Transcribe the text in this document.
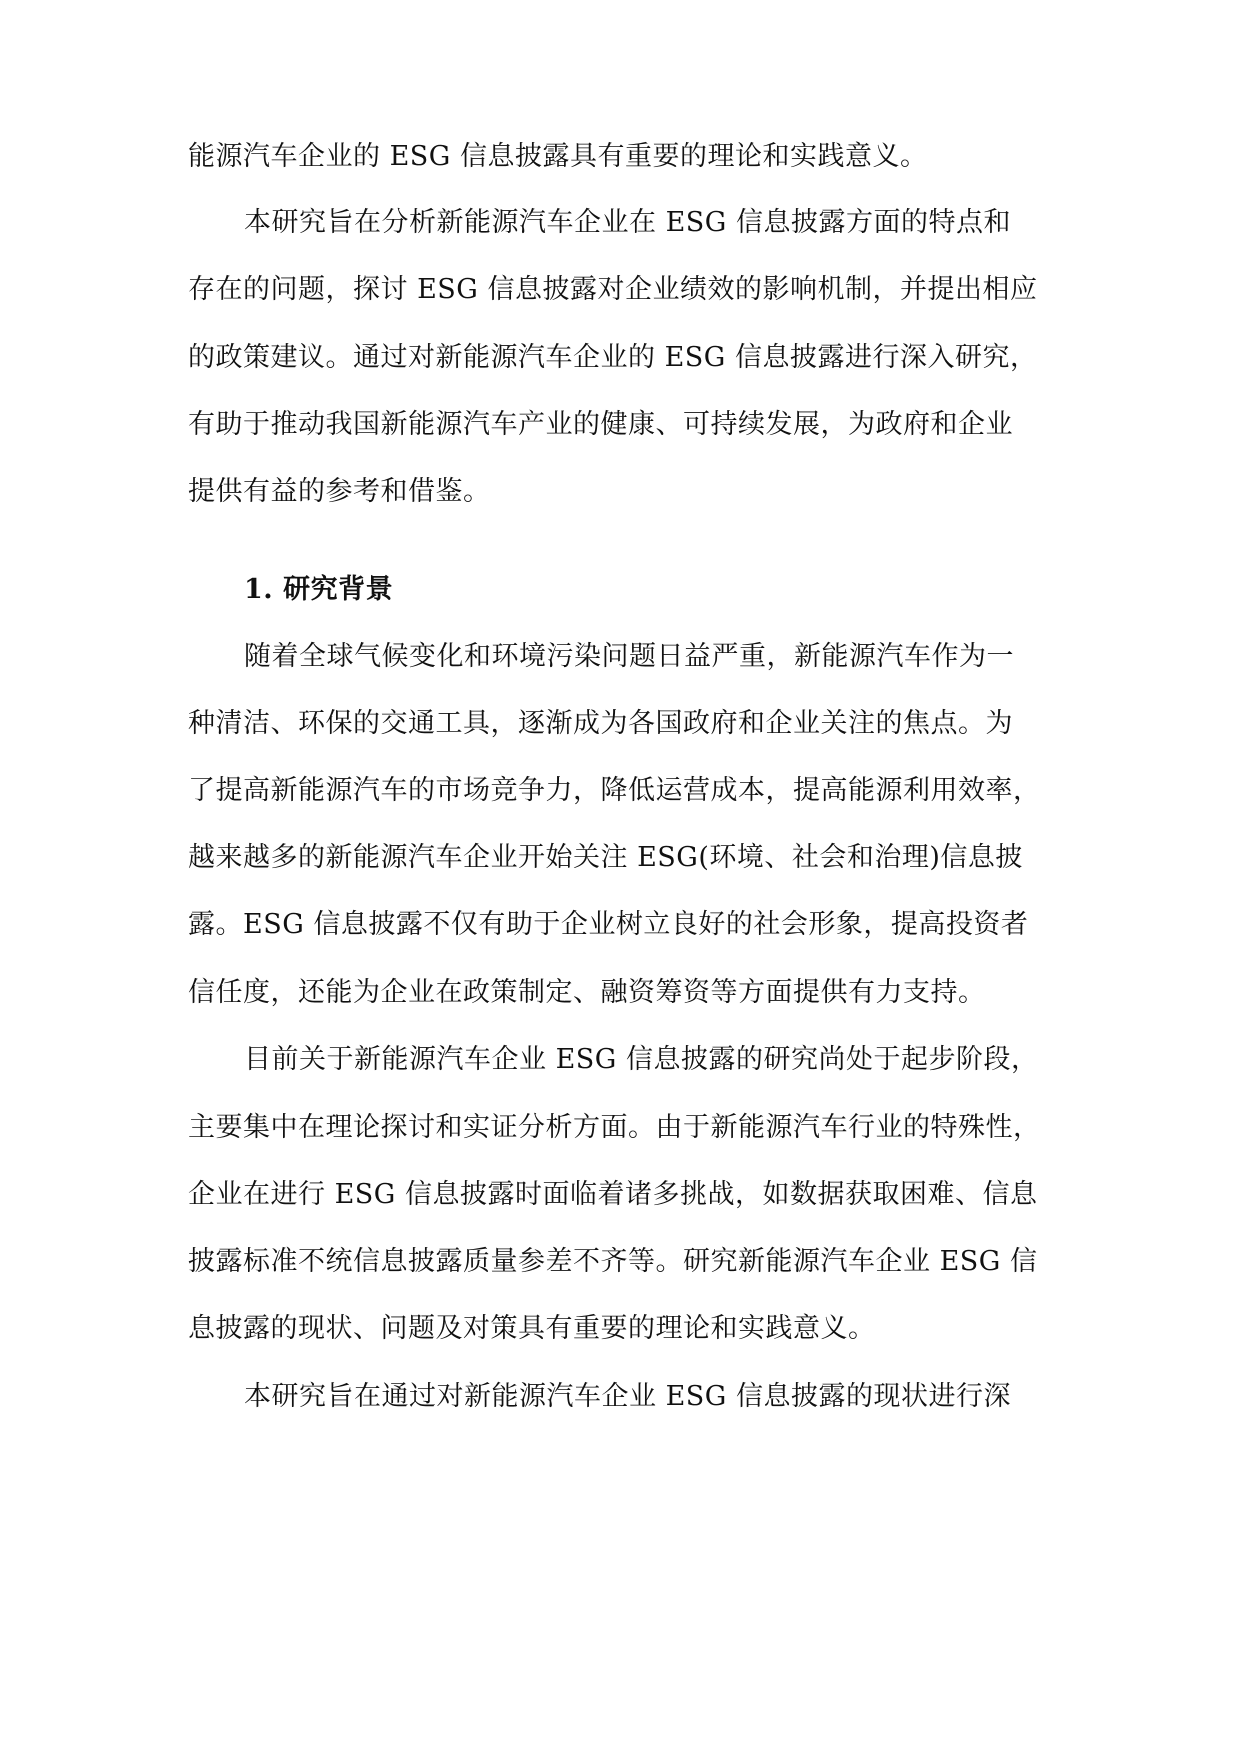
能源汽车企业的 ESG 信息披露具有重要的理论和实践意义。
本研究旨在分析新能源汽车企业在 ESG 信息披露方面的特点和
存在的问题，探讨 ESG 信息披露对企业绩效的影响机制，并提出相应
的政策建议。通过对新能源汽车企业的 ESG 信息披露进行深入研究，
有助于推动我国新能源汽车产业的健康、可持续发展，为政府和企业
提供有益的参考和借鉴。
1. 研究背景
随着全球气候变化和环境污染问题日益严重，新能源汽车作为一
种清洁、环保的交通工具，逐渐成为各国政府和企业关注的焦点。为
了提高新能源汽车的市场竞争力，降低运营成本，提高能源利用效率，
越来越多的新能源汽车企业开始关注 ESG(环境、社会和治理)信息披
露。ESG 信息披露不仅有助于企业树立良好的社会形象，提高投资者
信任度，还能为企业在政策制定、融资筹资等方面提供有力支持。
目前关于新能源汽车企业 ESG 信息披露的研究尚处于起步阶段，
主要集中在理论探讨和实证分析方面。由于新能源汽车行业的特殊性，
企业在进行 ESG 信息披露时面临着诸多挑战，如数据获取困难、信息
披露标准不统信息披露质量参差不齐等。研究新能源汽车企业 ESG 信
息披露的现状、问题及对策具有重要的理论和实践意义。
本研究旨在通过对新能源汽车企业 ESG 信息披露的现状进行深
